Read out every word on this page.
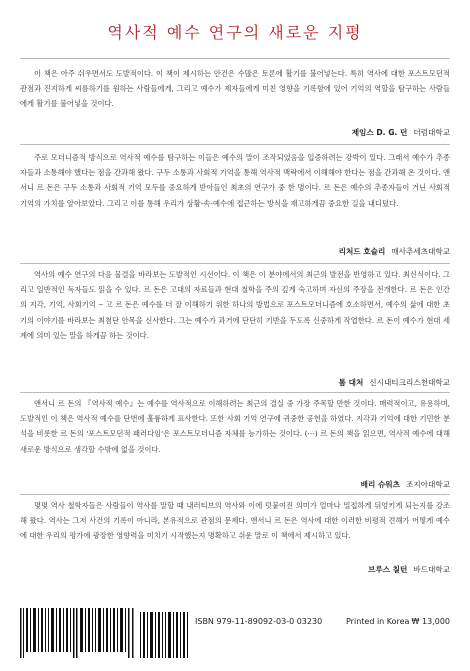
역사적 예수 연구의 새로운 지평

이 책은 아주 쉬우면서도 도발적이다. 이 책이 제시하는 안건은 수많은 토론에 활기를 불어넣는다. 특히 역사에 대한 포스트모던적 관점과 진지하게 씨름하기를 원하는 사람들에게, 그리고 예수가 제자들에게 미친 영향을 기록함에 있어 기억의 역할을 탐구하는 사람들에게 활기를 불어넣을 것이다.

제임스 D. G. 던 더럼대학교

주로 모더니즘적 방식으로 역사적 예수를 탐구하는 이들은 예수의 말이 조작되었음을 입증하려는 강박이 있다. 그래서 예수가 추종자들과 소통해야 했다는 점을 간과해 왔다. 구두 소통과 사회적 기억을 통해 역사적 맥락에서 이해해야 한다는 점을 간과해 온 것이다. 앤서니 르 돈은 구두 소통과 사회적 기억 모두를 중요하게 받아들인 최초의 연구가 중 한 명이다. 르 돈은 예수의 추종자들이 거닌 사회적 기억의 가치를 알아보았다. 그리고 이를 통해 우리가 상황-속-예수에 접근하는 방식을 재고하게끔 중요한 길을 내디뎠다.

리처드 호슬리 매사추세츠대학교

역사의 예수 연구의 다음 물결을 바라보는 도발적인 시선이다. 이 책은 이 분야에서의 최근의 발전을 반영하고 있다. 최신식이다. 그리고 일반적인 독자들도 읽을 수 있다. 르 돈은 고대의 자료들과 현대 철학을 주의 깊게 숙고하며 자신의 주장을 전개한다. 르 돈은 인간의 지각, 기억, 사회기억 ‒ 고 르 돈은 예수를 더 잘 이해하기 위한 하나의 방법으로 포스트모더니즘에 호소하면서, 예수의 삶에 대한 초기의 이야기를 바라보는 최첨단 안목을 신사한다. 그는 예수가 과거에 단단히 기반을 두도록 신중하게 작업한다. 르 돈이 예수가 현대 세계에 의미 있는 말을 하게끔 하는 것이다.

톰 대처 신시내티크리스천대학교

앤서니 르 돈의 『역사적 예수』는 예수를 역사적으로 이해하려는 최근의 결실 중 가장 주목할 만한 것이다. 매력적이고, 유용하며, 도발적인 이 책은 역사적 예수를 단번에 훌륭하게 표사한다. 또한 사회 기억 연구에 귀중한 공헌을 하였다. 지각과 기억에 대한 기민한 분석을 비롯한 르 돈의 '포스트모던적 패러다임'은 포스트모더니즘 자체를 능가하는 것이다. (⋯) 르 돈의 책을 읽으면, 역사적 예수에 대해 새로운 방식으로 생각할 수밖에 없을 것이다.

배리 슈워츠 조지아대학교

몇몇 역사 철학자들은 사람들이 역사를 말할 때 내러티브의 역사와 이에 덧붙여진 의미가 얼마나 밀접하게 뒤엉키게 되는지를 강조해 왔다. 역사는 그저 사건의 기록이 아니라, 본유적으로 관점의 문제다. 앤서니 르 돈은 역사에 대한 이러한 비평적 견해가 어떻게 예수에 대한 우리의 평가에 광장한 영향력을 미치기 시작했는지 명확하고 쉬운 말로 이 책에서 제시하고 있다.

브루스 칠턴 바드대학교
ISBN 979-11-89092-03-0 03230	Printed in Korea ₩ 13,000
